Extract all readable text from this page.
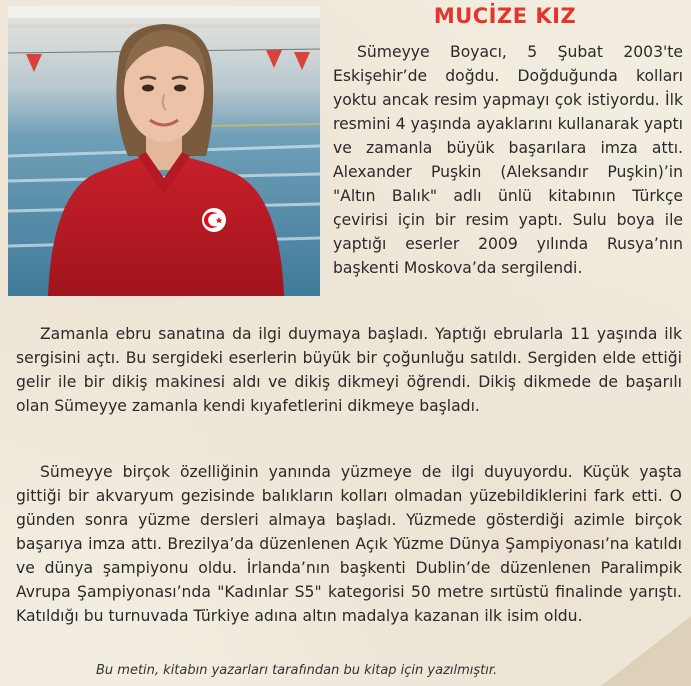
MUCİZE KIZ

Sümeyye Boyacı, 5 Şubat 2003'te Eskişehir’de doğdu. Doğduğunda kolları yoktu ancak resim yapmayı çok istiyordu. İlk resmini 4 yaşında ayaklarını kullanarak yaptı ve zamanla büyük başarılara imza attı. Alexander Puşkin (Aleksandır Puşkin)’in "Altın Balık" adlı ünlü kitabının Türkçe çevirisi için bir resim yaptı. Sulu boya ile yaptığı eserler 2009 yılında Rusya’nın başkenti Moskova’da sergilendi.

Zamanla ebru sanatına da ilgi duymaya başladı. Yaptığı ebrularla 11 yaşında ilk sergisini açtı. Bu sergideki eserlerin büyük bir çoğunluğu satıldı. Sergiden elde ettiği gelir ile bir dikiş makinesi aldı ve dikiş dikmeyi öğrendi. Dikiş dikmede de başarılı olan Sümeyye zamanla kendi kıyafetlerini dikmeye başladı.

Sümeyye birçok özelliğinin yanında yüzmeye de ilgi duyuyordu. Küçük yaşta gittiği bir akvaryum gezisinde balıkların kolları olmadan yüzebildiklerini fark etti. O günden sonra yüzme dersleri almaya başladı. Yüzmede gösterdiği azimle birçok başarıya imza attı. Brezilya’da düzenlenen Açık Yüzme Dünya Şampiyonası’na katıldı ve dünya şampiyonu oldu. İrlanda’nın başkenti Dublin’de düzenlenen Paralimpik Avrupa Şampiyonası’nda "Kadınlar S5" kategorisi 50 metre sırtüstü finalinde yarıştı. Katıldığı bu turnuvada Türkiye adına altın madalya kazanan ilk isim oldu.

Bu metin, kitabın yazarları tarafından bu kitap için yazılmıştır.
